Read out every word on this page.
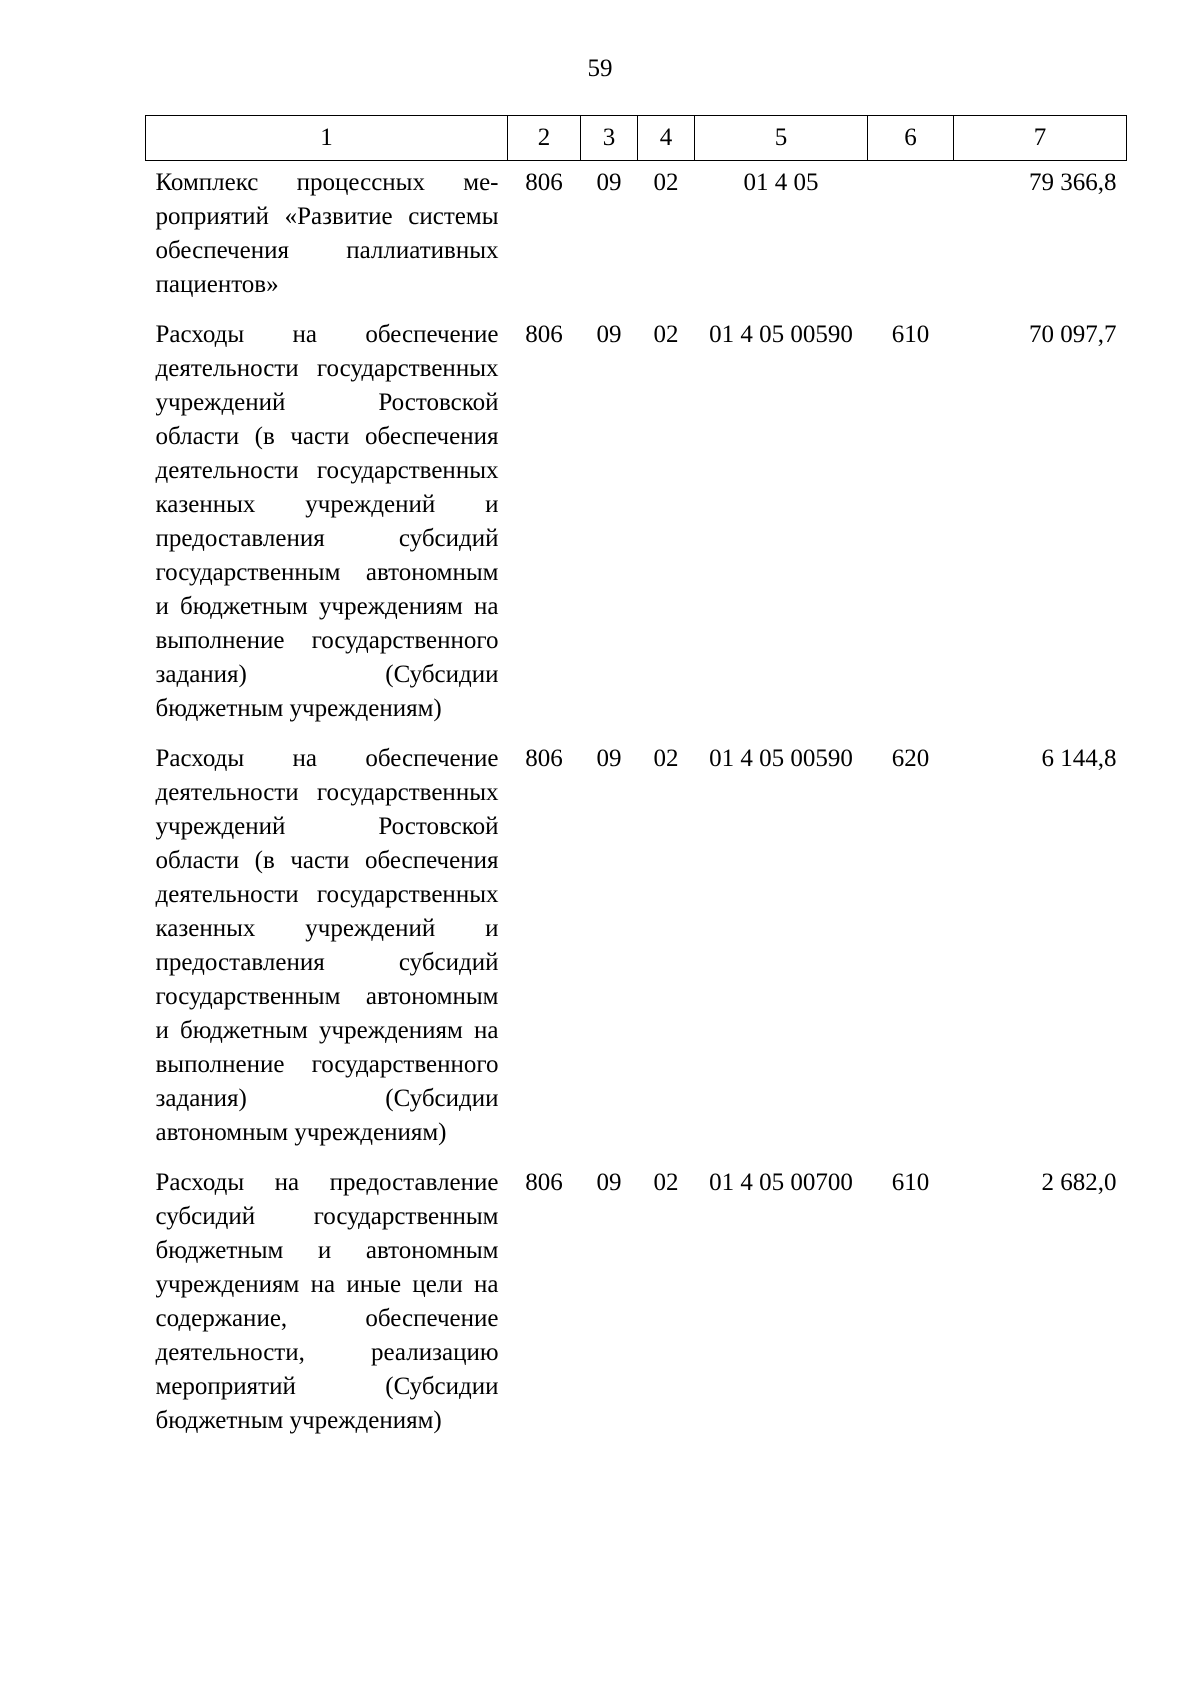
59
1	2	3	4	5	6	7
Комплекс процессных мероприятий «Развитие системы обеспечения паллиативных пациентов»	806	09	02	01 4 05		79 366,8
Расходы на обеспечение деятельности государственных учреждений Ростовской области (в части обеспечения деятельности государственных казенных учреждений и предоставления субсидий государственным автономным и бюджетным учреждениям на выполнение государственного задания) (Субсидии бюджетным учреждениям)	806	09	02	01 4 05 00590	610	70 097,7
Расходы на обеспечение деятельности государственных учреждений Ростовской области (в части обеспечения деятельности государственных казенных учреждений и предоставления субсидий государственным автономным и бюджетным учреждениям на выполнение государственного задания) (Субсидии автономным учреждениям)	806	09	02	01 4 05 00590	620	6 144,8
Расходы на предоставление субсидий государственным бюджетным и автономным учреждениям на иные цели на содержание, обеспечение деятельности, реализацию мероприятий (Субсидии бюджетным учреждениям)	806	09	02	01 4 05 00700	610	2 682,0
